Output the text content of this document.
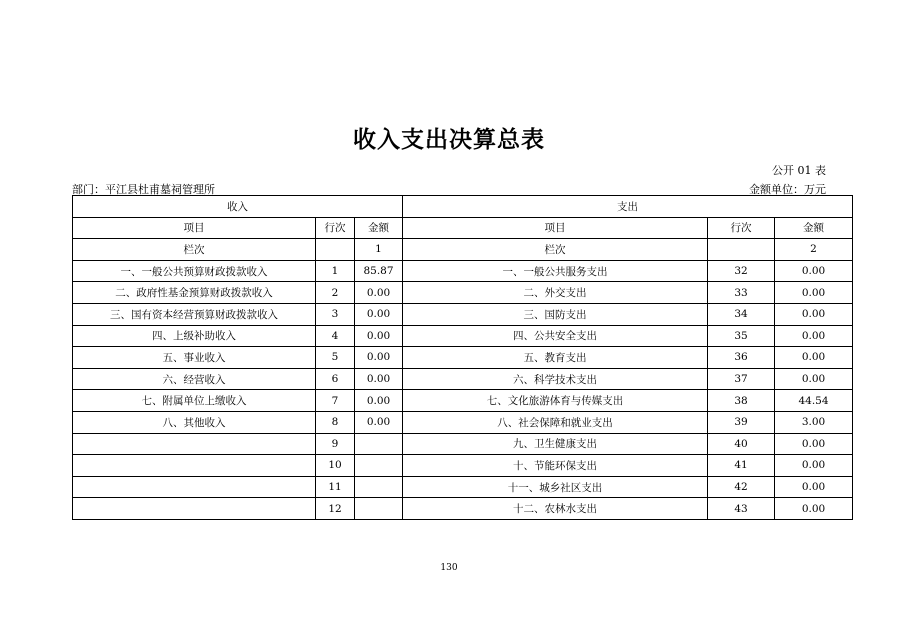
收入支出决算总表
公开 01 表
部门：平江县杜甫墓祠管理所	金额单位：万元
收入			支出		
项目	行次	金额	项目	行次	金额
栏次		1	栏次		2
一、一般公共预算财政拨款收入	1	85.87	一、一般公共服务支出	32	0.00
二、政府性基金预算财政拨款收入	2	0.00	二、外交支出	33	0.00
三、国有资本经营预算财政拨款收入	3	0.00	三、国防支出	34	0.00
四、上级补助收入	4	0.00	四、公共安全支出	35	0.00
五、事业收入	5	0.00	五、教育支出	36	0.00
六、经营收入	6	0.00	六、科学技术支出	37	0.00
七、附属单位上缴收入	7	0.00	七、文化旅游体育与传媒支出	38	44.54
八、其他收入	8	0.00	八、社会保障和就业支出	39	3.00
	9		九、卫生健康支出	40	0.00
	10		十、节能环保支出	41	0.00
	11		十一、城乡社区支出	42	0.00
	12		十二、农林水支出	43	0.00
130
